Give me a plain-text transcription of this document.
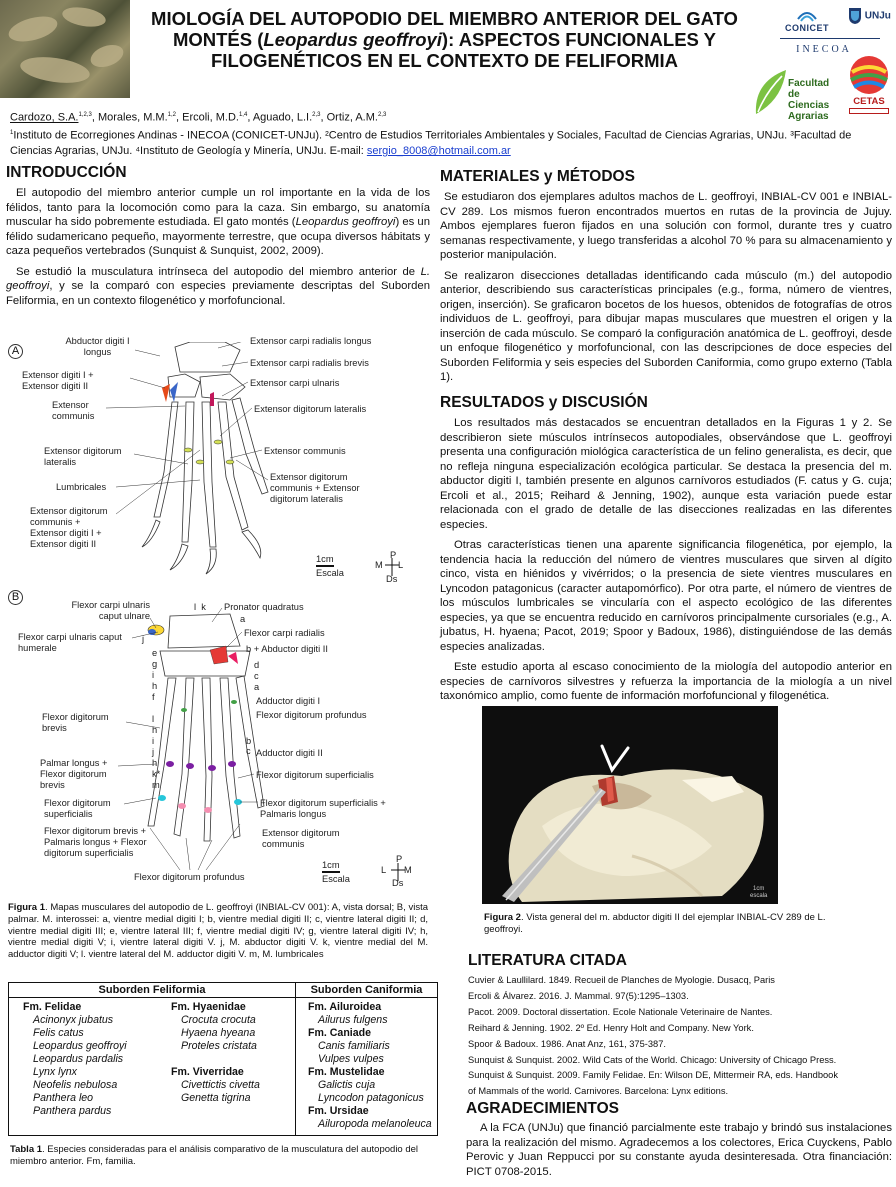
MIOLOGÍA DEL AUTOPODIO DEL MIEMBRO ANTERIOR DEL GATO
MONTÉS (Leopardus geoffroyi): ASPECTOS FUNCIONALES Y
FILOGENÉTICOS EN EL CONTEXTO DE FELIFORMIA
CONICET
UNJu
INECOA
Facultad
de Ciencias
Agrarias
CETAS
Cardozo, S.A.$^{1,2,3}$, Morales, M.M.$^{1,2}$, Ercoli, M.D.$^{1,4}$, Aguado, L.I.$^{2,3}$, Ortiz, A.M.$^{2,3}$
$^1$Instituto de Ecorregiones Andinas - INECOA (CONICET-UNJu). ²Centro de Estudios Territoriales Ambientales y Sociales, Facultad de Ciencias Agrarias, UNJu. ³Facultad de Ciencias Agrarias, UNJu. ⁴Instituto de Geología y Minería, UNJu. E-mail: sergio_8008@hotmail.com.ar
INTRODUCCIÓN

El autopodio del miembro anterior cumple un rol importante en la vida de los félidos, tanto para la locomoción como para la caza. Sin embargo, su anatomía muscular ha sido pobremente estudiada. El gato montés (Leopardus geoffroyi) es un félido sudamericano pequeño, mayormente terrestre, que ocupa diversos hábitats y caza pequeños vertebrados (Sunquist & Sunquist, 2002, 2009).

Se estudió la musculatura intrínseca del autopodio del miembro anterior de L. geoffroyi, y se la comparó con especies previamente descriptas del Suborden Feliformia, en un contexto filogenético y morfofuncional.

A
Abductor digiti I longus
Extensor carpi radialis longus
Extensor carpi radialis brevis
Extensor digiti I + Extensor digiti II	Extensor carpi ulnaris
Extensor communis
Extensor digitorum lateralis
Extensor digitorum lateralis
Extensor communis
Lumbricales
Extensor digitorum communis + Extensor digitorum lateralis
Extensor digitorum communis + Extensor digiti I + Extensor digiti II
1cm
Escala
P
M L
Ds
B
Flexor carpi ulnaris caput ulnare
l  k Pronator quadratus
Flexor carpi radialis
Flexor carpi ulnaris caput humerale	b + Abductor digiti II
Adductor digiti I
Flexor digitorum profundus
Flexor digitorum brevis
Adductor digiti II
Palmar longus + Flexor digitorum brevis
Flexor digitorum superficialis
Flexor digitorum superficialis
Flexor digitorum superficialis + Palmaris longus
Flexor digitorum brevis + Palmaris longus + Flexor digitorum superficialis
Extensor digitorum communis
Flexor digitorum profundus
e
g
i
h
f

l
h
i
j
h
k*
m
d
c
a

b
c
j
a
1cm
Escala
P
L M
Ds
Figura 1. Mapas musculares del autopodio de L. geoffroyi (INBIAL-CV 001): A, vista dorsal; B, vista palmar. M. interossei: a, vientre medial digiti I; b, vientre medial digiti II; c, vientre lateral digiti II; d, vientre medial digiti III; e, vientre lateral III; f, vientre medial digiti IV; g, vientre lateral digiti IV; h, vientre medial digiti V; i, vientre lateral digiti V. j, M. abductor digiti V. k, vientre medial del M. adductor digiti V; l. vientre lateral del M. adductor digiti V. m, M. lumbricales
Suborden Feliformia	Suborden Caniformia
Fm. Felidae
Acinonyx jubatus
Felis catus
Leopardus geoffroyi
Leopardus pardalis
Lynx lynx
Neofelis nebulosa
Panthera leo
Panthera pardus
Fm. Hyaenidae
Crocuta crocuta
Hyaena hyeana
Proteles cristata
Fm. Viverridae
Civettictis civetta
Genetta tigrina
Fm. Ailuroidea
Ailurus fulgens
Fm. Caniade
Canis familiaris
Vulpes vulpes
Fm. Mustelidae
Galictis cuja
Lyncodon patagonicus
Fm. Ursidae
Ailuropoda melanoleuca
Tabla 1. Especies consideradas para el análisis comparativo de la musculatura del autopodio del miembro anterior. Fm, familia.
MATERIALES y MÉTODOS

Se estudiaron dos ejemplares adultos machos de L. geoffroyi, INBIAL-CV 001 e INBIAL-CV 289. Los mismos fueron encontrados muertos en rutas de la provincia de Jujuy. Ambos ejemplares fueron fijados en una solución con formol, durante tres y cuatro semanas respectivamente, y luego transferidas a alcohol 70 % para su almacenamiento y posterior manipulación.

Se realizaron disecciones detalladas identificando cada músculo (m.) del autopodio anterior, describiendo sus características principales (e.g., forma, número de vientres, origen, inserción). Se graficaron bocetos de los huesos, obtenidos de fotografías de otros individuos de L. geoffroyi, para dibujar mapas musculares que muestren el origen y la inserción de cada músculo. Se comparó la configuración anatómica de L. geoffroyi, desde un enfoque filogenético y morfofuncional, con las descripciones de doce especies del Suborden Feliformia y seis especies del Suborden Caniformia, como grupo externo (Tabla 1).

RESULTADOS y DISCUSIÓN

Los resultados más destacados se encuentran detallados en la Figuras 1 y 2. Se describieron siete músculos intrínsecos autopodiales, observándose que L. geoffroyi presenta una configuración miológica característica de un felino generalista, es decir, que no refleja ninguna especialización ecológica particular. Se destaca la presencia del m. abductor digiti I, también presente en algunos carnívoros estudiados (F. catus y G. cuja; Ercoli et al., 2015; Reihard & Jenning, 1902), aunque esta variación puede estar relacionada con el grado de detalle de las disecciones realizadas en las diferentes especies.

Otras características tienen una aparente significancia filogenética, por ejemplo, la tendencia hacia la reducción del número de vientres musculares que sirven al dígito cinco, vista en hiénidos y vivérridos; o la presencia de siete vientres musculares en Lyncodon patagonicus (caracter autapomórfico). Por otra parte, el número de vientres de los músculos lumbricales se vincularía con el aspecto ecológico de las diferentes especies, ya que se encuentra reducido en carnívoros principalmente cursoriales (e.g., A. jubatus, H. hyaena; Pacot, 2019; Spoor y Badoux, 1986), distinguiéndose de las demás especies analizadas.

Este estudio aporta al escaso conocimiento de la miología del autopodio anterior en especies de carnívoros silvestres y refuerza la importancia de la miología a un nivel taxonómico amplio, como fuente de información morfofuncional y filogenética.

1cm
escala
Figura 2. Vista general del m. abductor digiti II del ejemplar INBIAL-CV 289 de L. geoffroyi.
LITERATURA CITADA
Cuvier & Laullilard. 1849. Recueil de Planches de Myologie. Dusacq, Paris
Ercoli & Álvarez. 2016. J. Mammal. 97(5):1295–1303.
Pacot. 2009. Doctoral dissertation. Ecole Nationale Veterinaire de Nantes.
Reihard & Jenning. 1902. 2º Ed. Henry Holt and Company. New York.
Spoor & Badoux. 1986. Anat Anz, 161, 375-387.
Sunquist & Sunquist. 2002. Wild Cats of the World. Chicago: University of Chicago Press.
Sunquist & Sunquist. 2009. Family Felidae. En: Wilson DE, Mittermeir RA, eds. Handbook
of Mammals of the world. Carnivores. Barcelona: Lynx editions.
AGRADECIMIENTOS

A la FCA (UNJu) que financió parcialmente este trabajo y brindó sus instalaciones para la realización del mismo. Agradecemos a los colectores, Erica Cuyckens, Pablo Perovic y Juan Reppucci por su constante ayuda desinteresada. Otra financiación: PICT 0708-2015.
